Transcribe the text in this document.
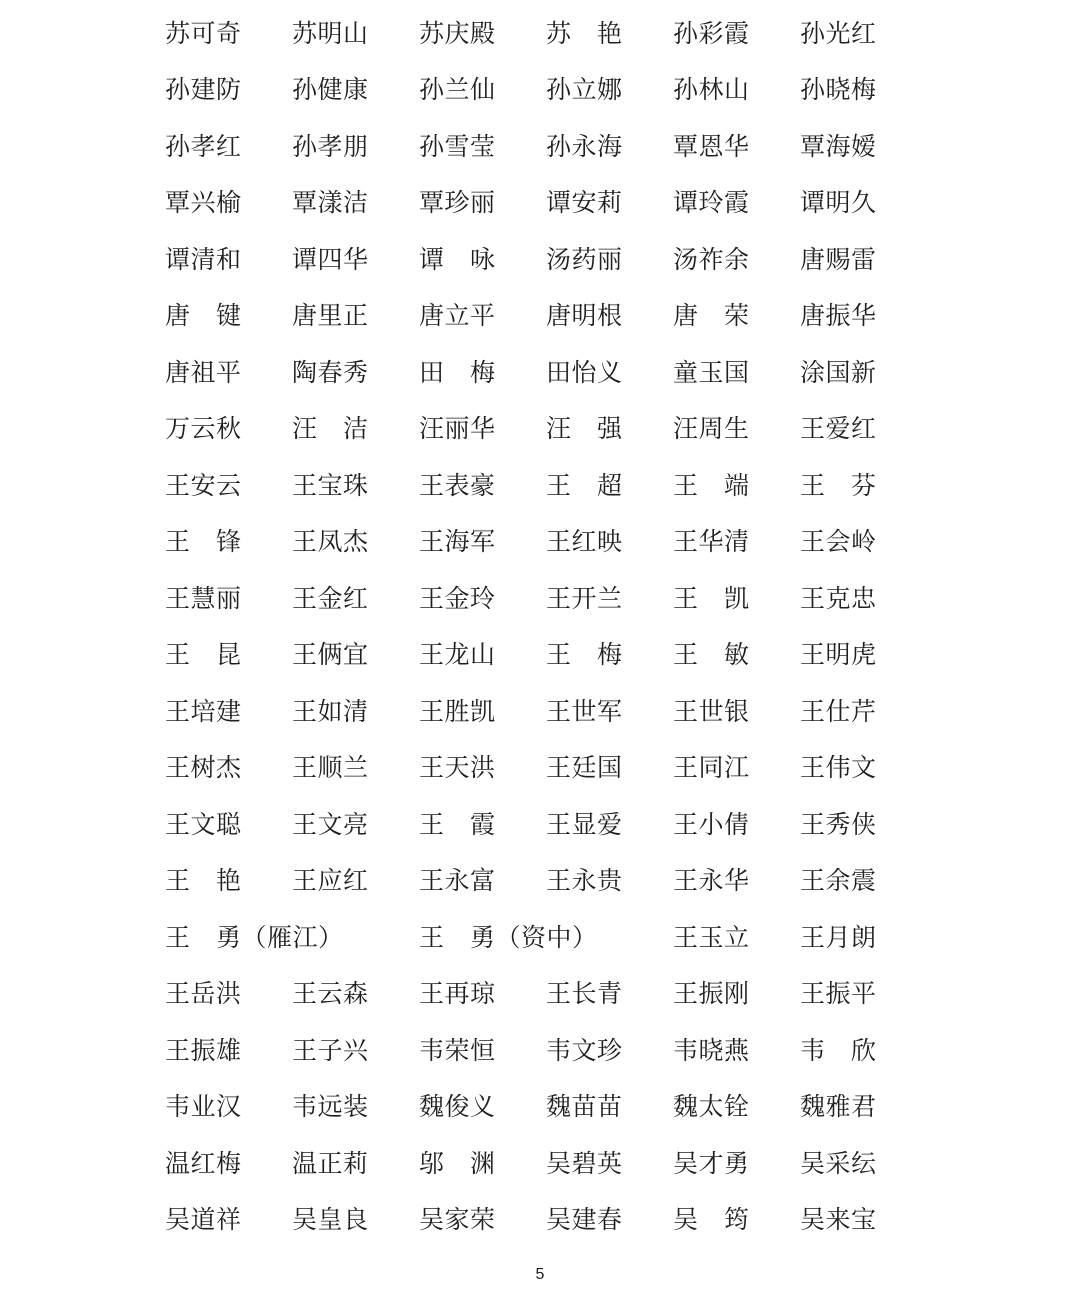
苏可奇	苏明山	苏庆殿	苏　艳	孙彩霞	孙光红
孙建防	孙健康	孙兰仙	孙立娜	孙林山	孙晓梅
孙孝红	孙孝朋	孙雪莹	孙永海	覃恩华	覃海嫒
覃兴榆	覃漾洁	覃珍丽	谭安莉	谭玲霞	谭明久
谭清和	谭四华	谭　咏	汤药丽	汤祚余	唐赐雷
唐　键	唐里正	唐立平	唐明根	唐　荣	唐振华
唐祖平	陶春秀	田　梅	田怡义	童玉国	涂国新
万云秋	汪　洁	汪丽华	汪　强	汪周生	王爱红
王安云	王宝珠	王表豪	王　超	王　端	王　芬
王　锋	王凤杰	王海军	王红映	王华清	王会岭
王慧丽	王金红	王金玲	王开兰	王　凯	王克忠
王　昆	王俩宜	王龙山	王　梅	王　敏	王明虎
王培建	王如清	王胜凯	王世军	王世银	王仕芹
王树杰	王顺兰	王天洪	王廷国	王同江	王伟文
王文聪	王文亮	王　霞	王显爱	王小倩	王秀侠
王　艳	王应红	王永富	王永贵	王永华	王余震
王　勇（雁江）	王　勇（资中）	王玉立	王月朗
王岳洪	王云森	王再琼	王长青	王振刚	王振平
王振雄	王子兴	韦荣恒	韦文珍	韦晓燕	韦　欣
韦业汉	韦远装	魏俊义	魏苗苗	魏太铨	魏雅君
温红梅	温正莉	邬　渊	吴碧英	吴才勇	吴采纭
吴道祥	吴皇良	吴家荣	吴建春	吴　筠	吴来宝
5
